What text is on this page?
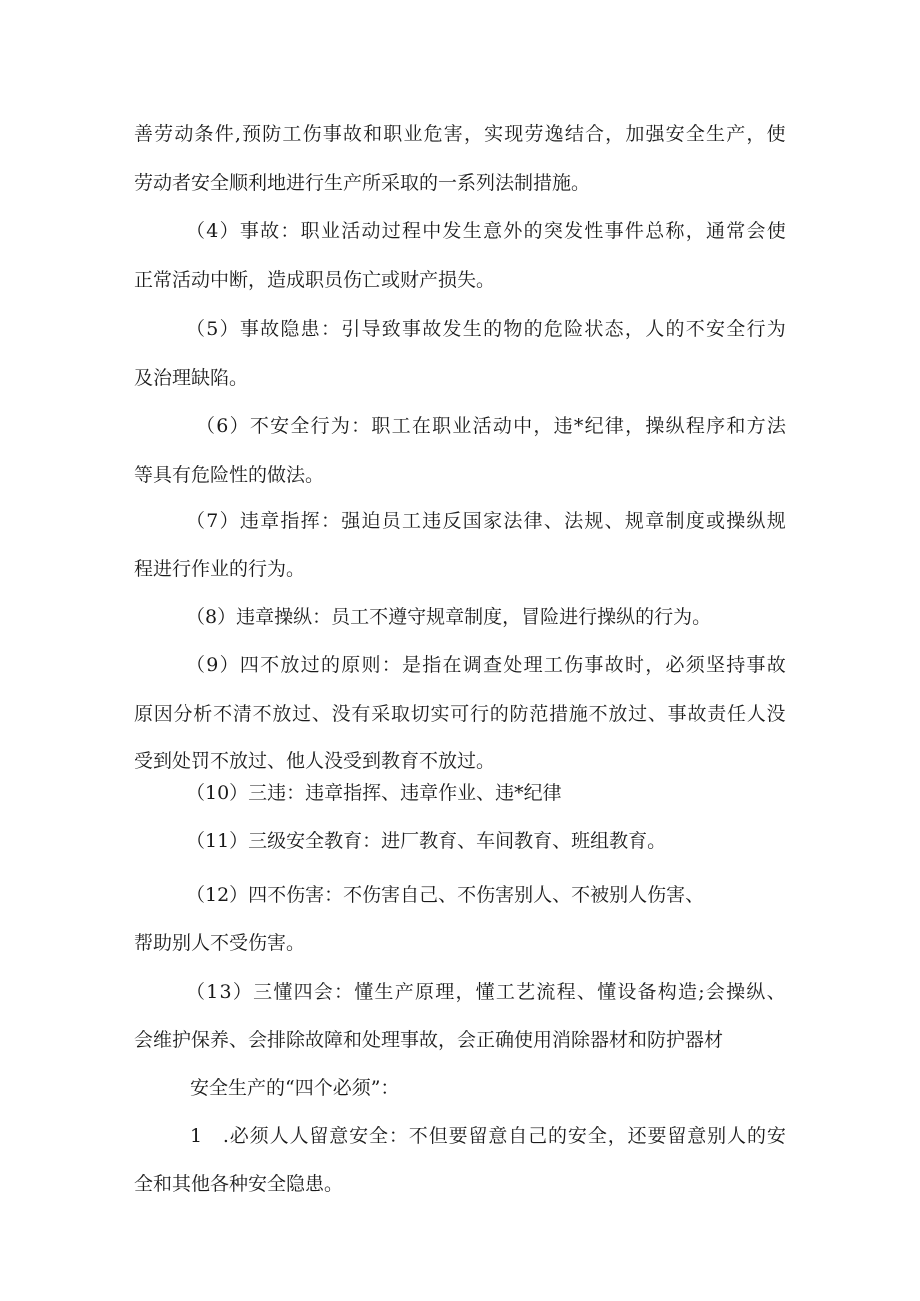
善 劳 动 条 件 , 预 防 工 伤 事 故 和 职 业 危 害 ， 实 现 劳 逸 结 合 ， 加 强 安 全 生 产 ， 使
劳动者安全顺利地进行生产所采取的一系列法制措施。
（ 4 ） 事 故 ： 职 业 活 动 过 程 中 发 生 意 外 的 突 发 性 事 件 总 称 ， 通 常 会 使
正常活动中断，造成职员伤亡或财产损失。
（ 5 ） 事 故 隐 患 ： 引 导 致 事 故 发 生 的 物 的 危 险 状 态 ， 人 的 不 安 全 行 为
及治理缺陷。
（ 6 ） 不 安 全 行 为 ： 职 工 在 职 业 活 动 中 ， 违 * 纪 律 ， 操 纵 程 序 和 方 法
等具有危险性的做法。
（ 7 ） 违 章 指 挥 ： 强 迫 员 工 违 反 国 家 法 律 、 法 规 、 规 章 制 度 或 操 纵 规
程进行作业的行为。
（8）违章操纵：员工不遵守规章制度，冒险进行操纵的行为。
（ 9 ） 四 不 放 过 的 原 则 ： 是 指 在 调 查 处 理 工 伤 事 故 时 ， 必 须 坚 持 事 故
原 因 分 析 不 清 不 放 过 、 没 有 采 取 切 实 可 行 的 防 范 措 施 不 放 过 、 事 故 责 任 人 没
受到处罚不放过、他人没受到教育不放过。
（10）三违：违章指挥、违章作业、违*纪律
（11）三级安全教育：进厂教育、车间教育、班组教育。
（12）四不伤害：不伤害自己、不伤害别人、不被别人伤害、
帮助别人不受伤害。
（ 1 3 ） 三 懂 四 会 ： 懂 生 产 原 理 ， 懂 工 艺 流 程 、 懂 设 备 构 造 ; 会 操 纵 、
会维护保养、会排除故障和处理事故，会正确使用消除器材和防护器材
安全生产的“四个必须”：
1
　 . 必 须 人 人 留 意 安 全 ： 不 但 要 留 意 自 己 的 安 全 ， 还 要 留 意 别 人 的 安
全和其他各种安全隐患。
